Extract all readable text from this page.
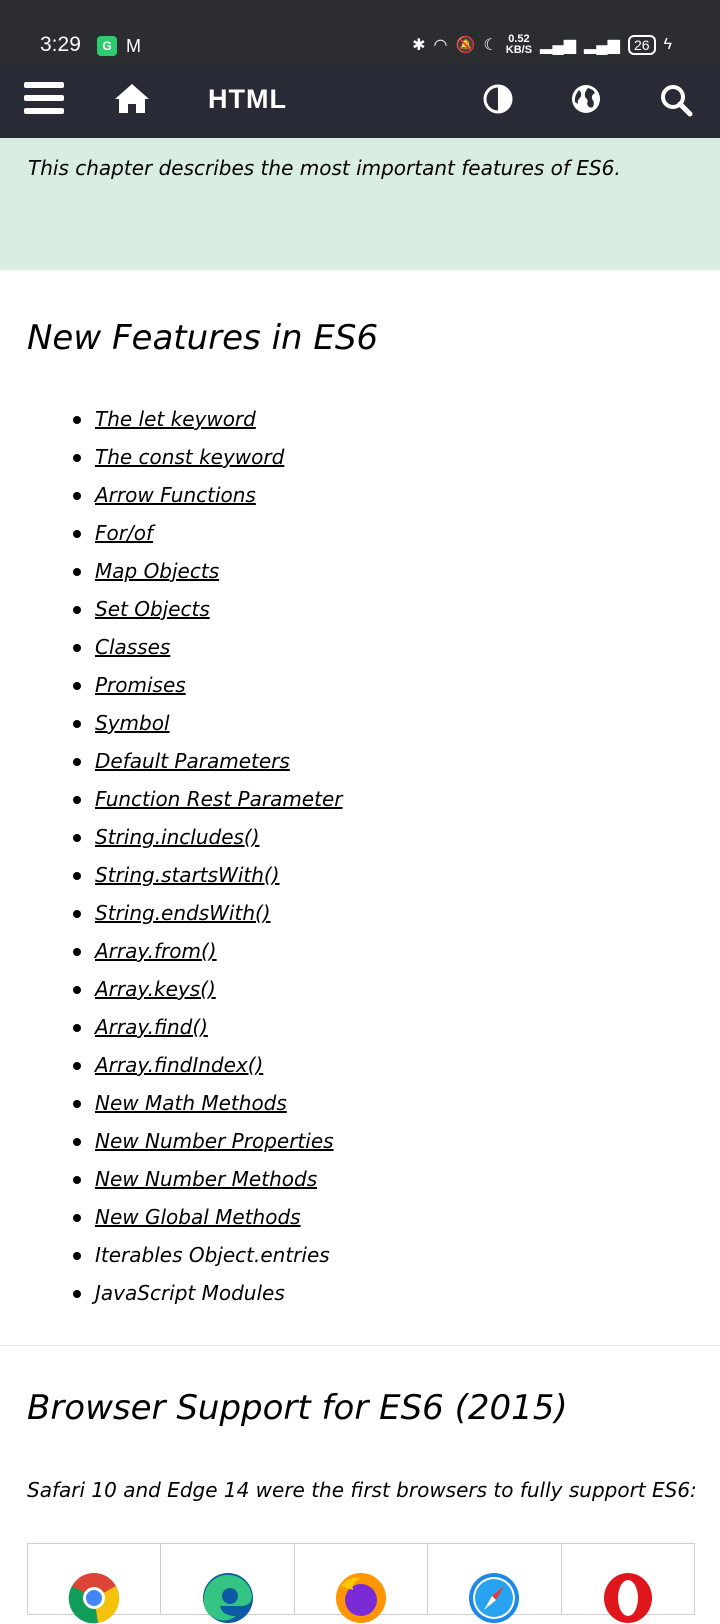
3:29	G M	✱ ◠ 🔕 ☾ 0.52
KB/S ▂▄▆ ▂▄▆	26 ϟ
HTML

This chapter describes the most important features of ES6.

New Features in ES6
The let keyword
The const keyword
Arrow Functions
For/of
Map Objects
Set Objects
Classes
Promises
Symbol
Default Parameters
Function Rest Parameter
String.includes()
String.startsWith()
String.endsWith()
Array.from()
Array.keys()
Array.find()
Array.findIndex()
New Math Methods
New Number Properties
New Number Methods
New Global Methods
Iterables Object.entries
JavaScript Modules
Browser Support for ES6 (2015)

Safari 10 and Edge 14 were the first browsers to fully support ES6:
